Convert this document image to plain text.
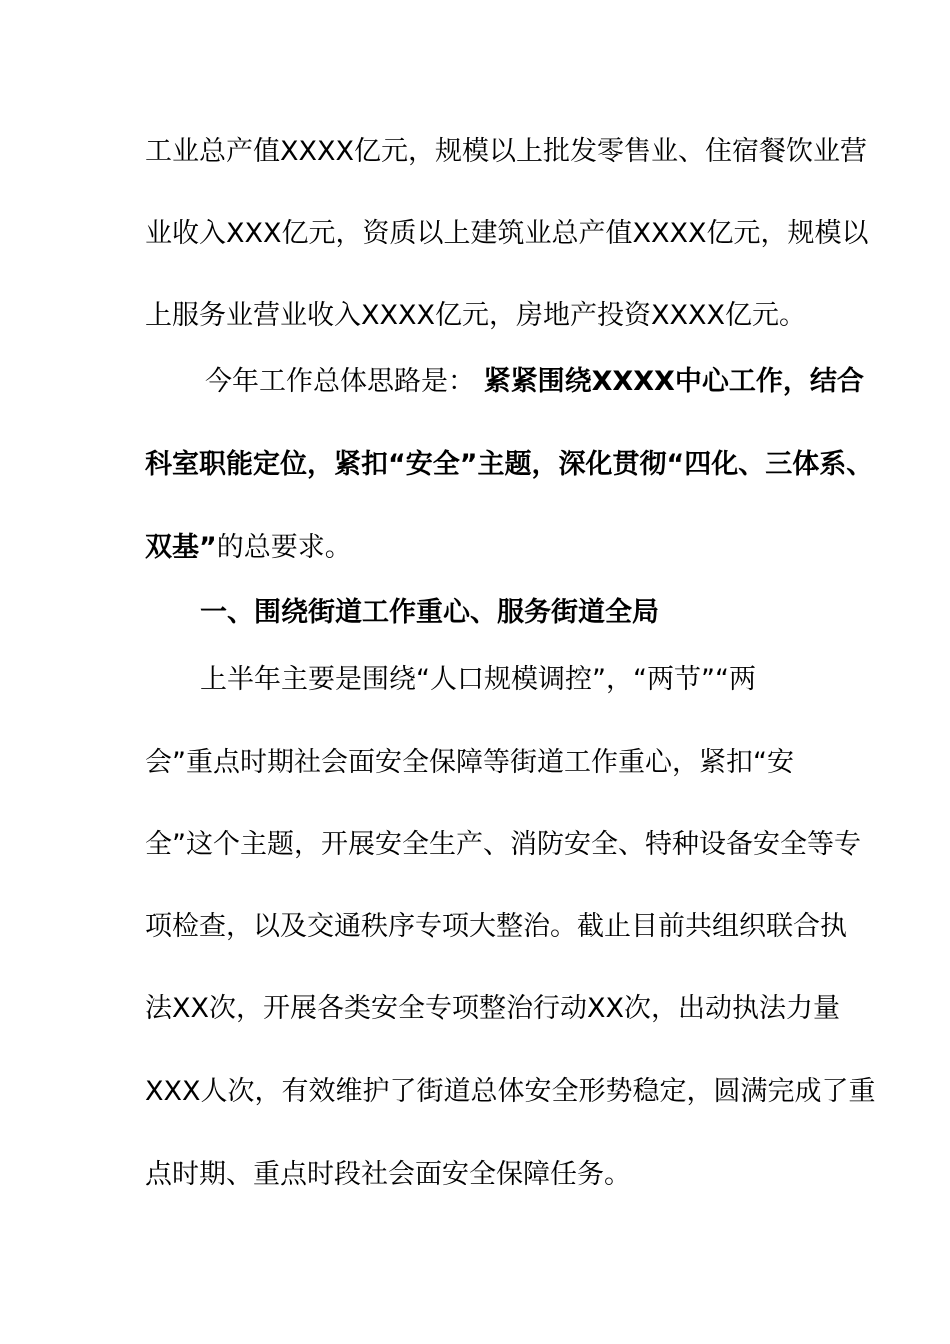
工业总产值XXXX亿元，规模以上批发零售业、住宿餐饮业营
业收入XXX亿元，资质以上建筑业总产值XXXX亿元，规模以
上服务业营业收入XXXX亿元，房地产投资XXXX亿元。
今年工作总体思路是： 紧紧围绕XXXX中心工作，结合
科室职能定位，紧扣“安全”主题，深化贯彻“四化、三体系、
双基”的总要求。
一、围绕街道工作重心、服务街道全局
上半年主要是围绕“人口规模调控”，“两节”“两
会”重点时期社会面安全保障等街道工作重心，紧扣“安
全”这个主题，开展安全生产、消防安全、特种设备安全等专
项检查，以及交通秩序专项大整治。截止目前共组织联合执
法XX次，开展各类安全专项整治行动XX次，出动执法力量
XXX人次，有效维护了街道总体安全形势稳定，圆满完成了重
点时期、重点时段社会面安全保障任务。
